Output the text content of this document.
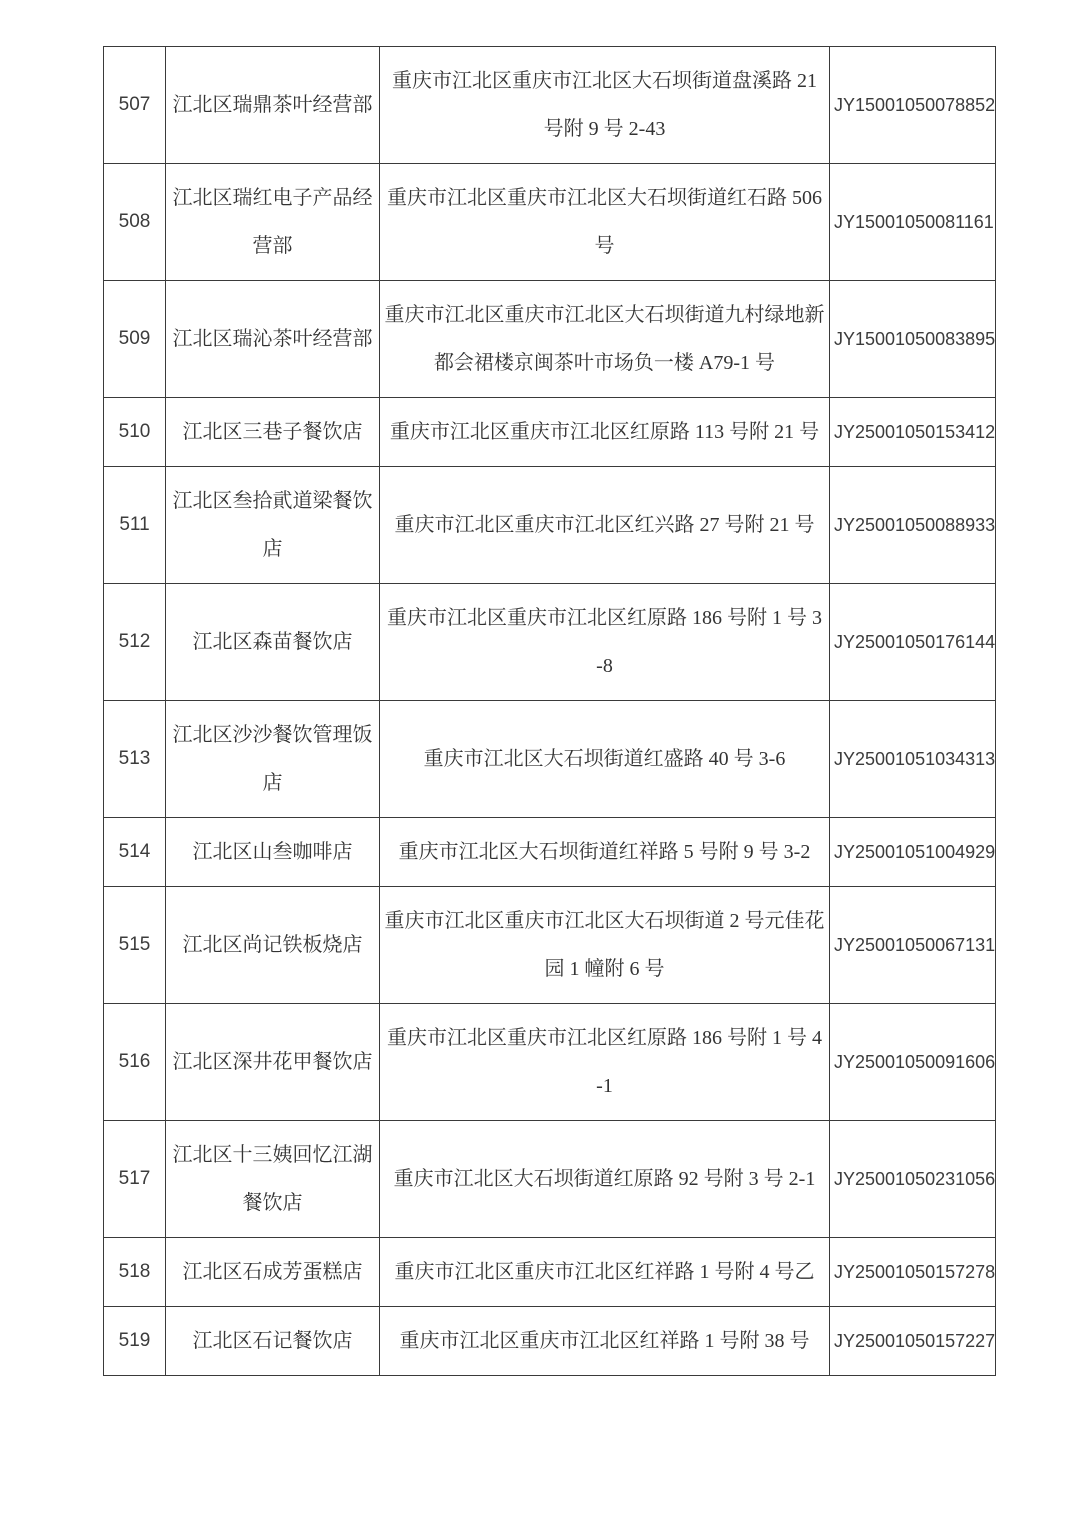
507	江北区瑞鼎茶叶经营部	重庆市江北区重庆市江北区大石坝街道盘溪路 21 号附 9 号 2-43	JY15001050078852
508	江北区瑞红电子产品经营部	重庆市江北区重庆市江北区大石坝街道红石路 506 号	JY15001050081161
509	江北区瑞沁茶叶经营部	重庆市江北区重庆市江北区大石坝街道九村绿地新都会裙楼京闽茶叶市场负一楼 A79-1 号	JY15001050083895
510	江北区三巷子餐饮店	重庆市江北区重庆市江北区红原路 113 号附 21 号	JY25001050153412
511	江北区叁拾貮道梁餐饮店	重庆市江北区重庆市江北区红兴路 27 号附 21 号	JY25001050088933
512	江北区森苗餐饮店	重庆市江北区重庆市江北区红原路 186 号附 1 号 3-8	JY25001050176144
513	江北区沙沙餐饮管理饭店	重庆市江北区大石坝街道红盛路 40 号 3-6	JY25001051034313
514	江北区山叁咖啡店	重庆市江北区大石坝街道红祥路 5 号附 9 号 3-2	JY25001051004929
515	江北区尚记铁板烧店	重庆市江北区重庆市江北区大石坝街道 2 号元佳花园 1 幢附 6 号	JY25001050067131
516	江北区深井花甲餐饮店	重庆市江北区重庆市江北区红原路 186 号附 1 号 4-1	JY25001050091606
517	江北区十三姨回忆江湖餐饮店	重庆市江北区大石坝街道红原路 92 号附 3 号 2-1	JY25001050231056
518	江北区石成芳蛋糕店	重庆市江北区重庆市江北区红祥路 1 号附 4 号乙	JY25001050157278
519	江北区石记餐饮店	重庆市江北区重庆市江北区红祥路 1 号附 38 号	JY25001050157227
